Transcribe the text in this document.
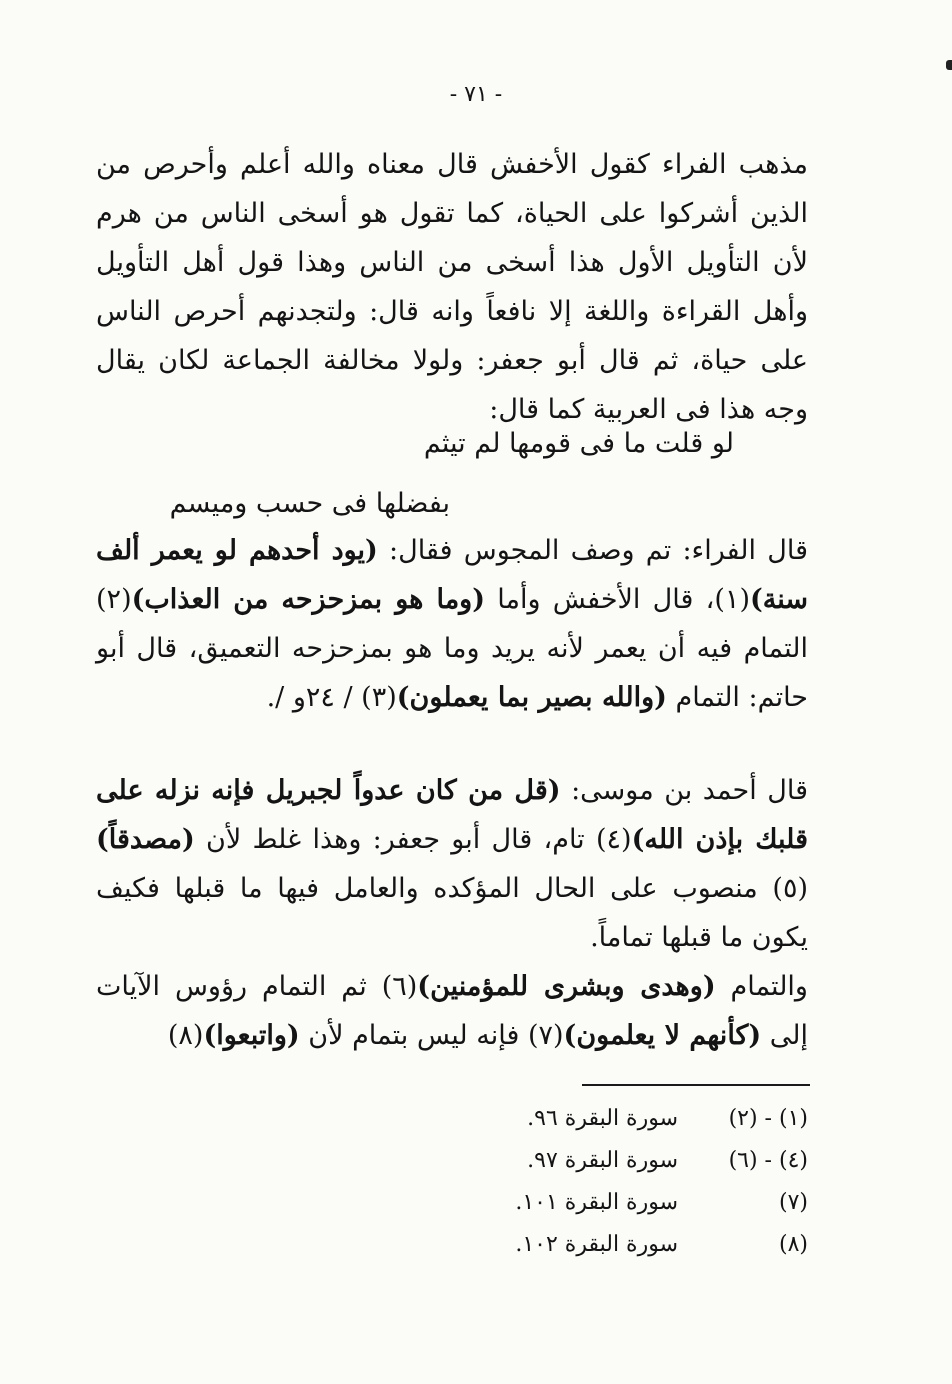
- ٧١ -

مذهب الفراء كقول الأخفش قال معناه والله أعلم وأحرص من الذين أشركوا على الحياة، كما تقول هو أسخى الناس من هرم لأن التأويل الأول هذا أسخى من الناس وهذا قول أهل التأويل وأهل القراءة واللغة إلا نافعاً وانه قال: ولتجدنهم أحرص الناس على حياة، ثم قال أبو جعفر: ولولا مخالفة الجماعة لكان يقال وجه هذا فى العربية كما قال:

لو قلت ما فى قومها لم تيثم
بفضلها فى حسب وميسم

قال الفراء: تم وصف المجوس فقال: (يود أحدهم لو يعمر ألف سنة)(١)، قال الأخفش وأما (وما هو بمزحزحه من العذاب)(٢) التمام فيه أن يعمر لأنه يريد وما هو بمزحزحه التعميق، قال أبو حاتم: التمام (والله بصير بما يعملون)(٣) / ٢٤و /.

قال أحمد بن موسى: (قل من كان عدواً لجبريل فإنه نزله على قلبك بإذن الله)(٤) تام، قال أبو جعفر: وهذا غلط لأن (مصدقاً)(٥) منصوب على الحال المؤكده والعامل فيها ما قبلها فكيف يكون ما قبلها تماماً.

والتمام (وهدى وبشرى للمؤمنين)(٦) ثم التمام رؤوس الآيات إلى (كأنهم لا يعلمون)(٧) فإنه ليس بتمام لأن (واتبعوا)(٨)

(١) - (٢)
سورة البقرة ٩٦.
(٤) - (٦)
سورة البقرة ٩٧.
(٧)
سورة البقرة ١٠١.
(٨)
سورة البقرة ١٠٢.
